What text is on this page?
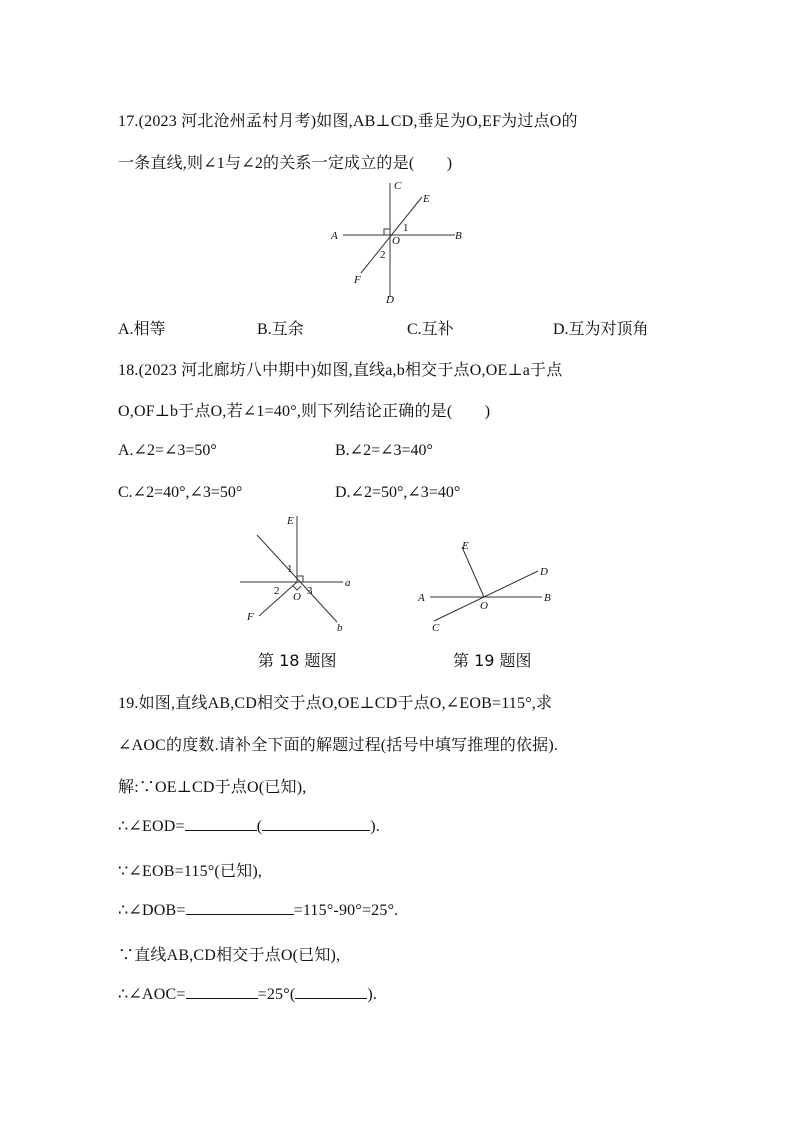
17.(2023 河北沧州孟村月考)如图,AB⊥CD,垂足为O,EF为过点O的
一条直线,则∠1与∠2的关系一定成立的是(　　)
A	B
C
D
E
F
O
1
2
A.相等	B.互余	C.互补	D.互为对顶角
18.(2023 河北廊坊八中期中)如图,直线a,b相交于点O,OE⊥a于点
O,OF⊥b于点O,若∠1=40°,则下列结论正确的是(　　)
A.∠2=∠3=50°	B.∠2=∠3=40°
C.∠2=40°,∠3=50°	D.∠2=50°,∠3=40°
E
F
O
a
b
1
2	3
A	B
C
D
E
O
第 18 题图	第 19 题图
19.如图,直线AB,CD相交于点O,OE⊥CD于点O,∠EOB=115°,求
∠AOC的度数.请补全下面的解题过程(括号中填写推理的依据).
解:∵OE⊥CD于点O(已知),
∴∠EOD=	(	).
∵∠EOB=115°(已知),
∴∠DOB=	=115°-90°=25°.
∵直线AB,CD相交于点O(已知),
∴∠AOC=	=25°(	).
